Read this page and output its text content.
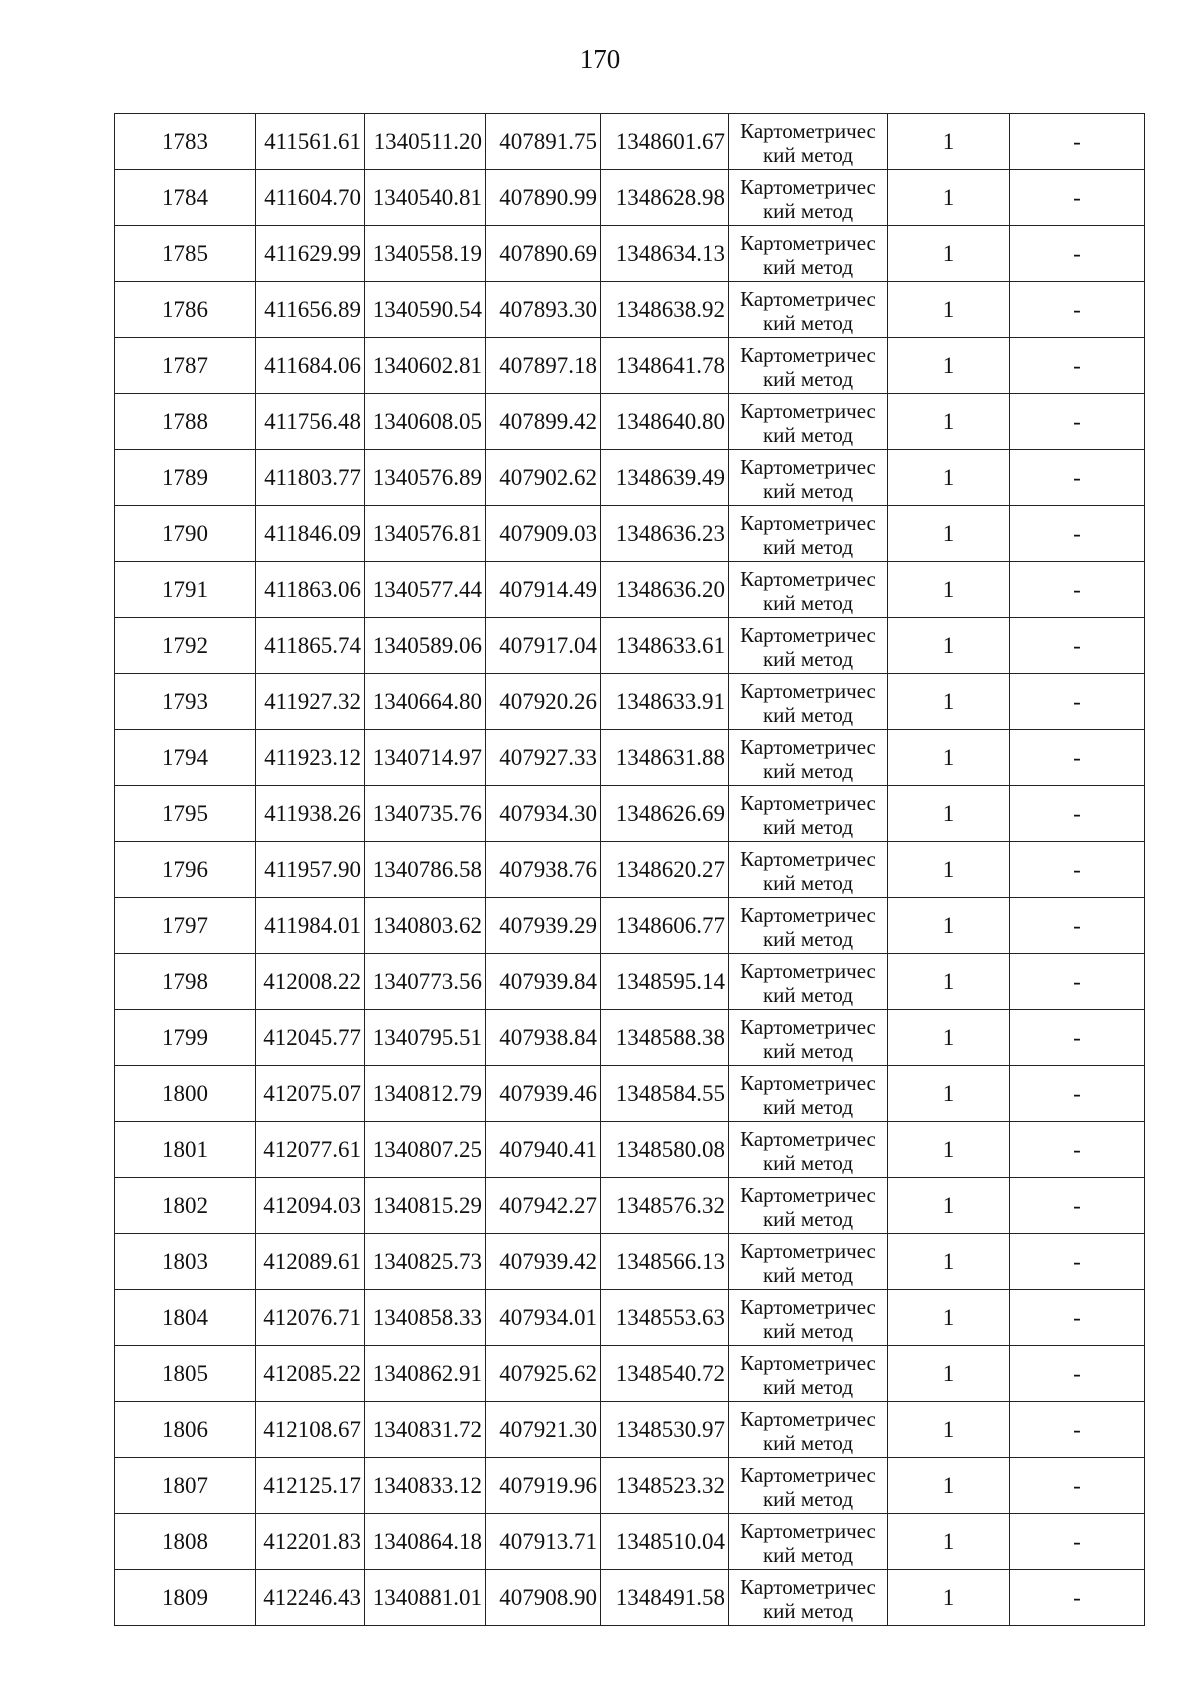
170
1783	411561.61	1340511.20	407891.75	1348601.67	Картометричес
кий метод	1	-
1784	411604.70	1340540.81	407890.99	1348628.98	Картометричес
кий метод	1	-
1785	411629.99	1340558.19	407890.69	1348634.13	Картометричес
кий метод	1	-
1786	411656.89	1340590.54	407893.30	1348638.92	Картометричес
кий метод	1	-
1787	411684.06	1340602.81	407897.18	1348641.78	Картометричес
кий метод	1	-
1788	411756.48	1340608.05	407899.42	1348640.80	Картометричес
кий метод	1	-
1789	411803.77	1340576.89	407902.62	1348639.49	Картометричес
кий метод	1	-
1790	411846.09	1340576.81	407909.03	1348636.23	Картометричес
кий метод	1	-
1791	411863.06	1340577.44	407914.49	1348636.20	Картометричес
кий метод	1	-
1792	411865.74	1340589.06	407917.04	1348633.61	Картометричес
кий метод	1	-
1793	411927.32	1340664.80	407920.26	1348633.91	Картометричес
кий метод	1	-
1794	411923.12	1340714.97	407927.33	1348631.88	Картометричес
кий метод	1	-
1795	411938.26	1340735.76	407934.30	1348626.69	Картометричес
кий метод	1	-
1796	411957.90	1340786.58	407938.76	1348620.27	Картометричес
кий метод	1	-
1797	411984.01	1340803.62	407939.29	1348606.77	Картометричес
кий метод	1	-
1798	412008.22	1340773.56	407939.84	1348595.14	Картометричес
кий метод	1	-
1799	412045.77	1340795.51	407938.84	1348588.38	Картометричес
кий метод	1	-
1800	412075.07	1340812.79	407939.46	1348584.55	Картометричес
кий метод	1	-
1801	412077.61	1340807.25	407940.41	1348580.08	Картометричес
кий метод	1	-
1802	412094.03	1340815.29	407942.27	1348576.32	Картометричес
кий метод	1	-
1803	412089.61	1340825.73	407939.42	1348566.13	Картометричес
кий метод	1	-
1804	412076.71	1340858.33	407934.01	1348553.63	Картометричес
кий метод	1	-
1805	412085.22	1340862.91	407925.62	1348540.72	Картометричес
кий метод	1	-
1806	412108.67	1340831.72	407921.30	1348530.97	Картометричес
кий метод	1	-
1807	412125.17	1340833.12	407919.96	1348523.32	Картометричес
кий метод	1	-
1808	412201.83	1340864.18	407913.71	1348510.04	Картометричес
кий метод	1	-
1809	412246.43	1340881.01	407908.90	1348491.58	Картометричес
кий метод	1	-
